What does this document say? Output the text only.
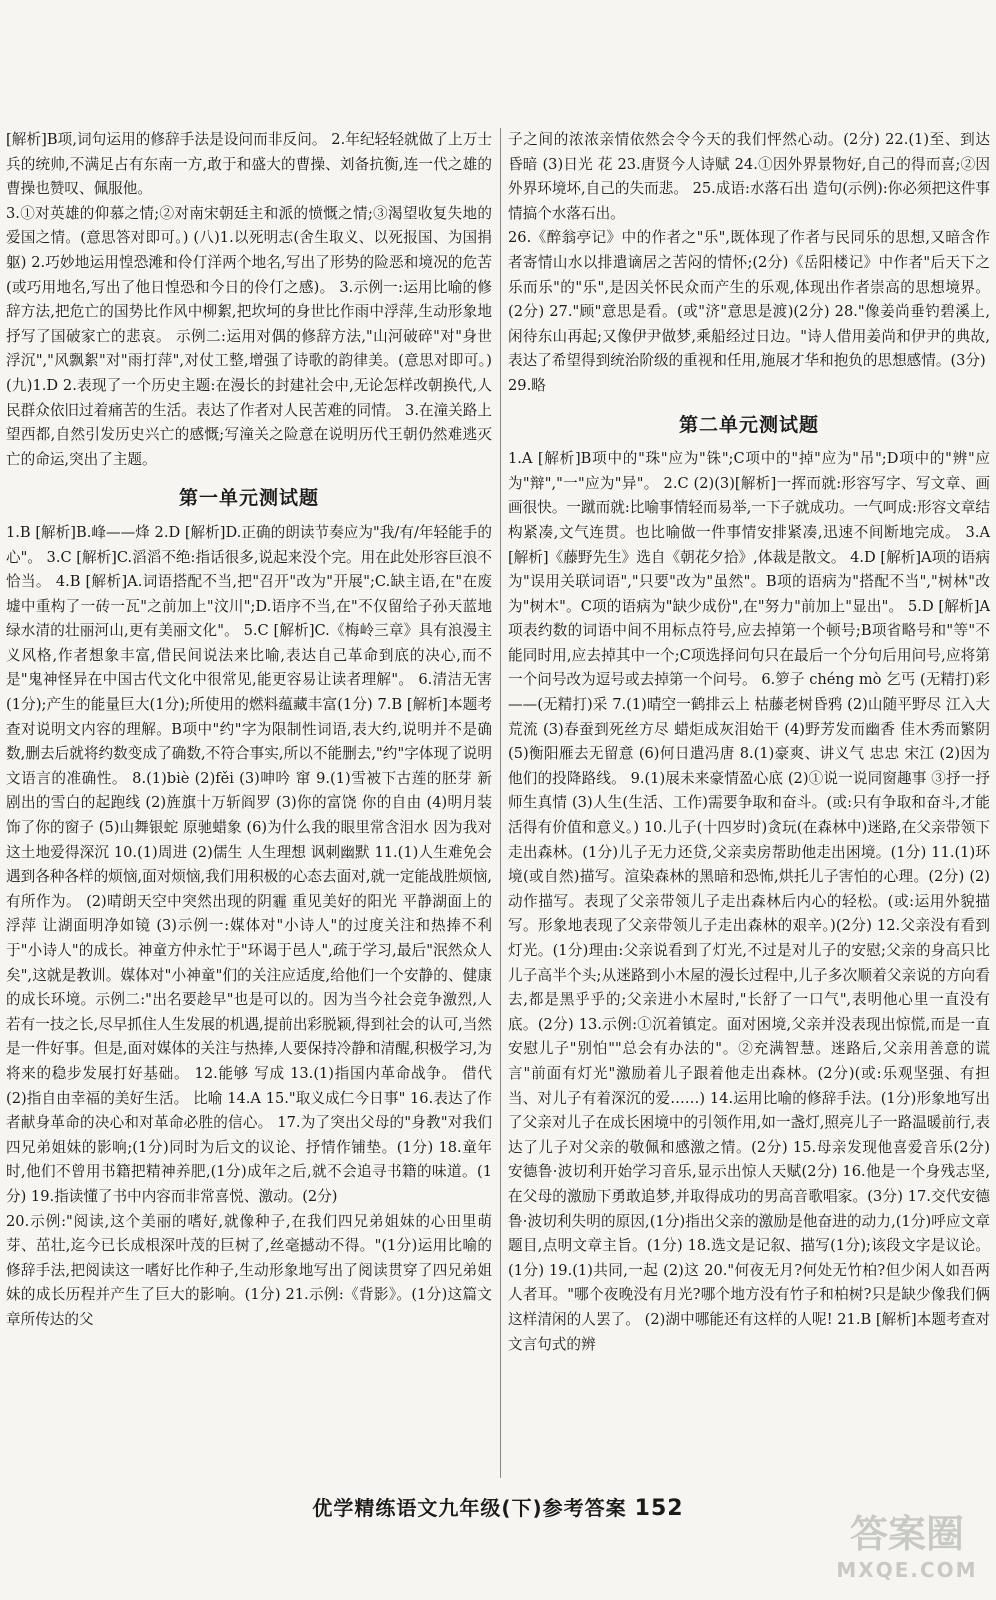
[解析]B项,词句运用的修辞手法是设问而非反问。 2.年纪轻轻就做了上万士兵的统帅,不满足占有东南一方,敢于和盛大的曹操、刘备抗衡,连一代之雄的曹操也赞叹、佩服他。

3.①对英雄的仰慕之情;②对南宋朝廷主和派的愤慨之情;③渴望收复失地的爱国之情。(意思答对即可。) (八)1.以死明志(舍生取义、以死报国、为国捐躯) 2.巧妙地运用惶恐滩和伶仃洋两个地名,写出了形势的险恶和境况的危苦(或巧用地名,写出了他日惶恐和今日的伶仃之感)。 3.示例一:运用比喻的修辞方法,把危亡的国势比作风中柳絮,把坎坷的身世比作雨中浮萍,生动形象地抒写了国破家亡的悲哀。 示例二:运用对偶的修辞方法,"山河破碎"对"身世浮沉","风飘絮"对"雨打萍",对仗工整,增强了诗歌的韵律美。(意思对即可。) (九)1.D 2.表现了一个历史主题:在漫长的封建社会中,无论怎样改朝换代,人民群众依旧过着痛苦的生活。表达了作者对人民苦难的同情。 3.在潼关路上望西都,自然引发历史兴亡的感慨;写潼关之险意在说明历代王朝仍然难逃灭亡的命运,突出了主题。

第一单元测试题

1.B [解析]B.峰——烽 2.D [解析]D.正确的朗读节奏应为"我/有/年轻能手的心"。 3.C [解析]C.滔滔不绝:指话很多,说起来没个完。用在此处形容巨浪不恰当。 4.B [解析]A.词语搭配不当,把"召开"改为"开展";C.缺主语,在"在废墟中重构了一砖一瓦"之前加上"汶川";D.语序不当,在"不仅留给子孙天蓝地绿水清的壮丽河山,更有美丽文化"。 5.C [解析]C.《梅岭三章》具有浪漫主义风格,作者想象丰富,借民间说法来比喻,表达自己革命到底的决心,而不是"鬼神怪异在中国古代文化中很常见,能更容易让读者理解"。 6.清洁无害(1分);产生的能量巨大(1分);所使用的燃料蕴藏丰富(1分) 7.B [解析]本题考查对说明文内容的理解。B项中"约"字为限制性词语,表大约,说明并不是确数,删去后就将约数变成了确数,不符合事实,所以不能删去,"约"字体现了说明文语言的准确性。 8.(1)biè (2)fěi (3)呻吟 窜 9.(1)雪被下古莲的胚芽 新剧出的雪白的起跑线 (2)旌旗十万斩阎罗 (3)你的富饶 你的自由 (4)明月装饰了你的窗子 (5)山舞银蛇 原驰蜡象 (6)为什么我的眼里常含泪水 因为我对这土地爱得深沉 10.(1)周进 (2)儒生 人生理想 讽刺幽默 11.(1)人生难免会遇到各种各样的烦恼,面对烦恼,我们用积极的心态去面对,就一定能战胜烦恼,有所作为。 (2)晴朗天空中突然出现的阴霾 重见美好的阳光 平静湖面上的浮萍 让湖面明净如镜 (3)示例一:媒体对"小诗人"的过度关注和热捧不利于"小诗人"的成长。神童方仲永忙于"环谒于邑人",疏于学习,最后"泯然众人矣",这就是教训。媒体对"小神童"们的关注应适度,给他们一个安静的、健康的成长环境。示例二:"出名要趁早"也是可以的。因为当今社会竞争激烈,人若有一技之长,尽早抓住人生发展的机遇,提前出彩脱颖,得到社会的认可,当然是一件好事。但是,面对媒体的关注与热捧,人要保持冷静和清醒,积极学习,为将来的稳步发展打好基础。 12.能够 写成 13.(1)指国内革命战争。 借代 (2)指自由幸福的美好生活。 比喻 14.A 15."取义成仁今日事" 16.表达了作者献身革命的决心和对革命必胜的信心。 17.为了突出父母的"身教"对我们四兄弟姐妹的影响;(1分)同时为后文的议论、抒情作铺垫。(1分) 18.童年时,他们不曾用书籍把精神养肥,(1分)成年之后,就不会追寻书籍的味道。(1分) 19.指读懂了书中内容而非常喜悦、激动。(2分)

20.示例:"阅读,这个美丽的嗜好,就像种子,在我们四兄弟姐妹的心田里萌芽、茁壮,迄今已长成根深叶茂的巨树了,丝毫撼动不得。"(1分)运用比喻的修辞手法,把阅读这一嗜好比作种子,生动形象地写出了阅读贯穿了四兄弟姐妹的成长历程并产生了巨大的影响。(1分) 21.示例:《背影》。(1分)这篇文章所传达的父

子之间的浓浓亲情依然会令今天的我们怦然心动。(2分) 22.(1)至、到达 昏暗 (3)日光 花 23.唐贤今人诗赋 24.①因外界景物好,自己的得而喜;②因外界环境坏,自己的失而悲。 25.成语:水落石出 造句(示例):你必须把这件事情搞个水落石出。

26.《醉翁亭记》中的作者之"乐",既体现了作者与民同乐的思想,又暗含作者寄情山水以排遣谪居之苦闷的情怀;(2分)《岳阳楼记》中作者"后天下之乐而乐"的"乐",是因关怀民众而产生的乐观,体现出作者崇高的思想境界。(2分) 27."顾"意思是看。(或"济"意思是渡)(2分) 28."像姜尚垂钓碧溪上,闲待东山再起;又像伊尹做梦,乘船经过日边。"诗人借用姜尚和伊尹的典故,表达了希望得到统治阶级的重视和任用,施展才华和抱负的思想感情。(3分)

29.略

第二单元测试题

1.A [解析]B项中的"珠"应为"铢";C项中的"掉"应为"吊";D项中的"辨"应为"辩","一"应为"异"。 2.C (2)(3)[解析]一挥而就:形容写字、写文章、画画很快。一蹴而就:比喻事情轻而易举,一下子就成功。一气呵成:形容文章结构紧凑,文气连贯。也比喻做一件事情安排紧凑,迅速不间断地完成。 3.A [解析]《藤野先生》选自《朝花夕拾》,体裁是散文。 4.D [解析]A项的语病为"误用关联词语","只要"改为"虽然"。B项的语病为"搭配不当","树林"改为"树木"。C项的语病为"缺少成份",在"努力"前加上"显出"。 5.D [解析]A项表约数的词语中间不用标点符号,应去掉第一个顿号;B项省略号和"等"不能同时用,应去掉其中一个;C项选择问句只在最后一个分句后用问号,应将第一个问号改为逗号或去掉第一个问号。 6.箩子 chéng mò 乞丐 (无精打)彩——(无精打)采 7.(1)晴空一鹤排云上 枯藤老树昏鸦 (2)山随平野尽 江入大荒流 (3)春蚕到死丝方尽 蜡炬成灰泪始干 (4)野芳发而幽香 佳木秀而繁阴 (5)衡阳雁去无留意 (6)何日遣冯唐 8.(1)豪爽、讲义气 忠忠 宋江 (2)因为他们的投降路线。 9.(1)展未来豪情盈心底 (2)①说一说同窗趣事 ③抒一抒师生真情 (3)人生(生活、工作)需要争取和奋斗。(或:只有争取和奋斗,才能活得有价值和意义。) 10.儿子(十四岁时)贪玩(在森林中)迷路,在父亲带领下走出森林。(1分)儿子无力还贷,父亲卖房帮助他走出困境。(1分) 11.(1)环境(或自然)描写。渲染森林的黑暗和恐怖,烘托儿子害怕的心理。(2分) (2)动作描写。表现了父亲带领儿子走出森林后内心的轻松。(或:运用外貌描写。形象地表现了父亲带领儿子走出森林的艰辛。)(2分) 12.父亲没有看到灯光。(1分)理由:父亲说看到了灯光,不过是对儿子的安慰;父亲的身高只比儿子高半个头;从迷路到小木屋的漫长过程中,儿子多次顺着父亲说的方向看去,都是黑乎乎的;父亲进小木屋时,"长舒了一口气",表明他心里一直没有底。(2分) 13.示例:①沉着镇定。面对困境,父亲并没表现出惊慌,而是一直安慰儿子"别怕""总会有办法的"。②充满智慧。迷路后,父亲用善意的谎言"前面有灯光"激励着儿子跟着他走出森林。(2分)(或:乐观坚强、有担当、对儿子有着深沉的爱……) 14.运用比喻的修辞手法。(1分)形象地写出了父亲对儿子在成长困境中的引领作用,如一盏灯,照亮儿子一路温暖前行,表达了儿子对父亲的敬佩和感激之情。(2分) 15.母亲发现他喜爱音乐(2分) 安德鲁·波切利开始学习音乐,显示出惊人天赋(2分) 16.他是一个身残志坚,在父母的激励下勇敢追梦,并取得成功的男高音歌唱家。(3分) 17.交代安德鲁·波切利失明的原因,(1分)指出父亲的激励是他奋进的动力,(1分)呼应文章题目,点明文章主旨。(1分) 18.选文是记叙、描写(1分);该段文字是议论。(1分) 19.(1)共同,一起 (2)这 20."何夜无月?何处无竹柏?但少闲人如吾两人者耳。"哪个夜晚没有月光?哪个地方没有竹子和柏树?只是缺少像我们俩这样清闲的人罢了。 (2)湖中哪能还有这样的人呢! 21.B [解析]本题考查对文言句式的辨

优学精练语文九年级(下)参考答案 152
答案圈
MXQE.COM
